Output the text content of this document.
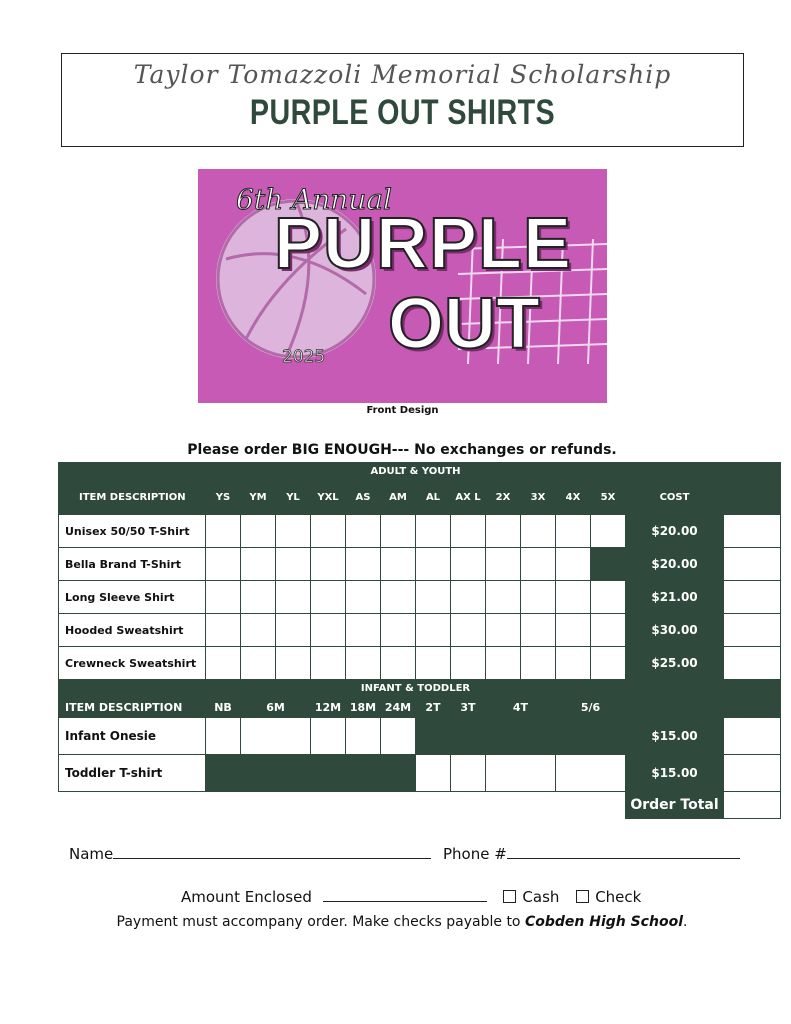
Taylor Tomazzoli Memorial Scholarship
PURPLE OUT SHIRTS
6th Annual
PURPLE
OUT
2025
Front Design
Please order BIG ENOUGH--- No exchanges or refunds.
	ADULT & YOUTH													
ITEM DESCRIPTION	YS	YM	YL	YXL	AS	AM	AL	AX L	2X	3X	4X	5X	COST	
Unisex 50/50 T-Shirt													$20.00	
Bella Brand T-Shirt													$20.00	
Long Sleeve Shirt													$21.00	
Hooded Sweatshirt													$30.00	
Crewneck Sweatshirt													$25.00	
	INFANT & TODDLER													
ITEM DESCRIPTION	NB	6M		12M	18M	24M	2T	3T	4T		5/6			
Infant Onesie													$15.00	
Toddler T-shirt													$15.00	
													Order Total	
Name	Phone #
Amount Enclosed	Cash Check
Payment must accompany order. Make checks payable to Cobden High School.
